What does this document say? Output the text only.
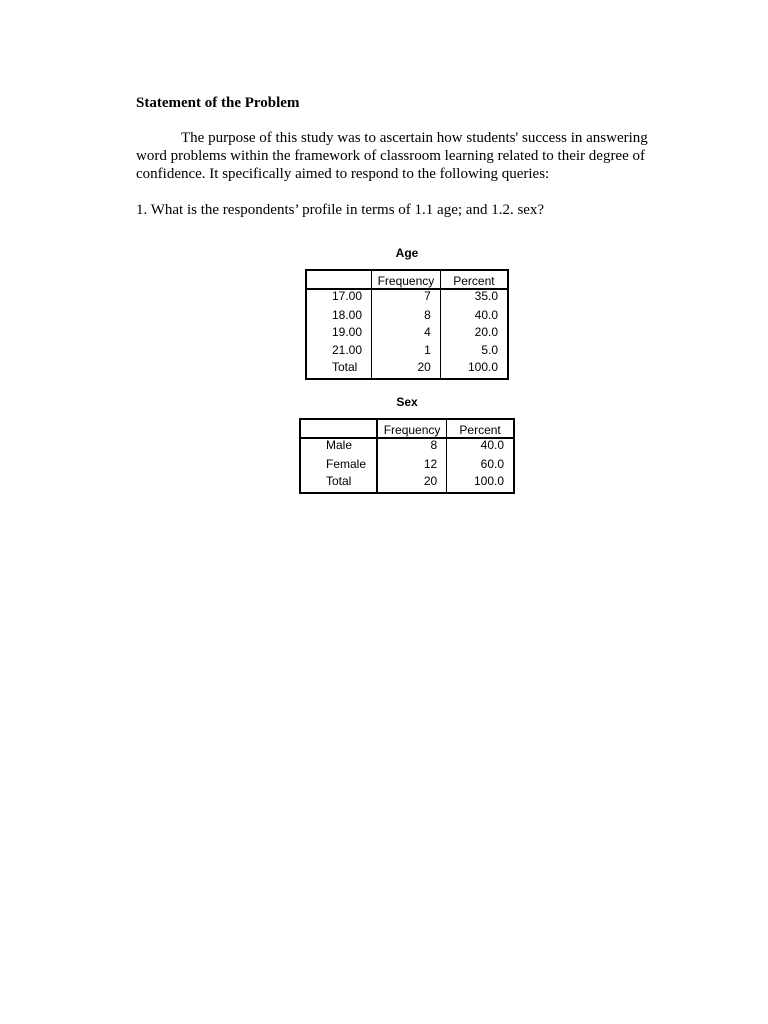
Statement of the Problem

The purpose of this study was to ascertain how students' success in answering word problems within the framework of classroom learning related to their degree of confidence. It specifically aimed to respond to the following queries:

1. What is the respondents’ profile in terms of 1.1 age; and 1.2. sex?
Age
	Frequency	Percent
17.00	7	35.0
18.00	8	40.0
19.00	4	20.0
21.00	1	5.0
Total	20	100.0
Sex
	Frequency	Percent
Male	8	40.0
Female	12	60.0
Total	20	100.0
